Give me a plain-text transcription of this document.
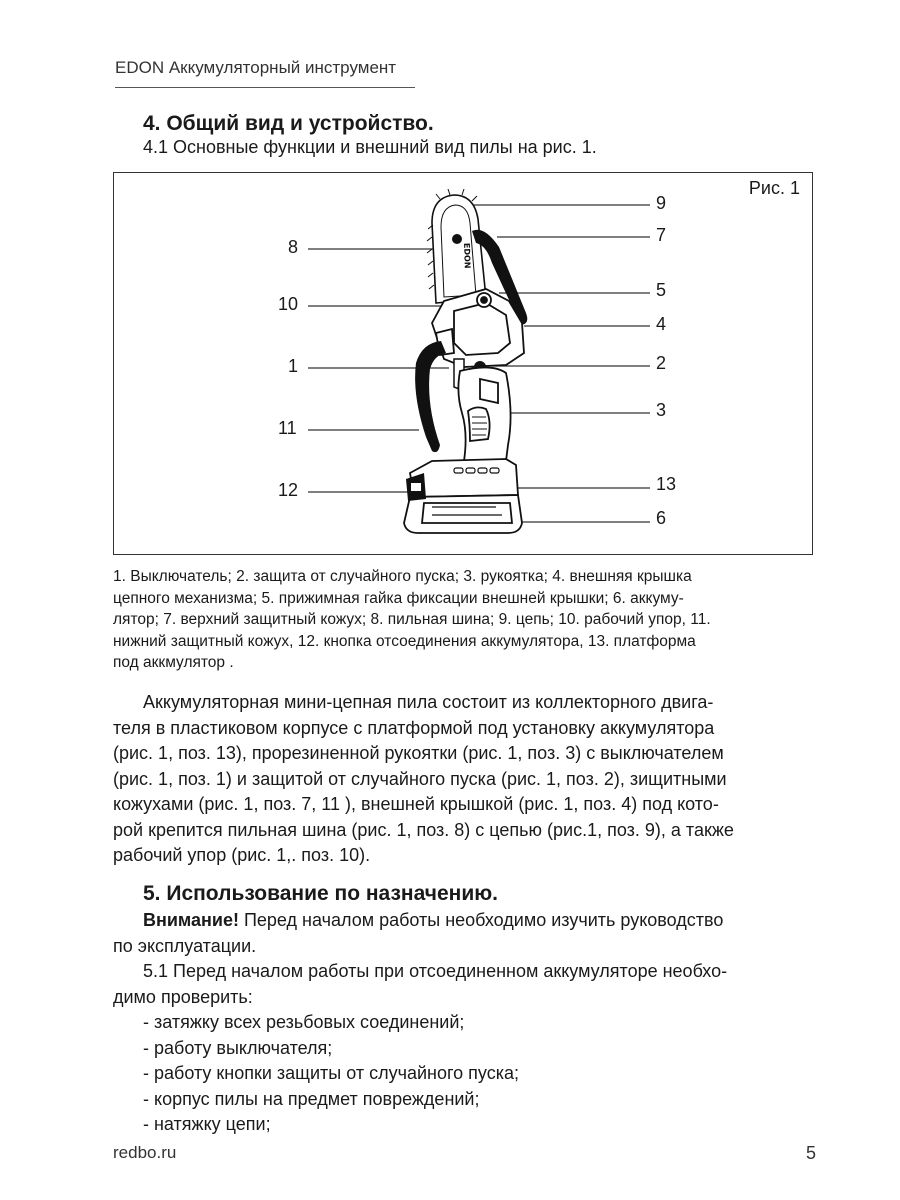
EDON Аккумуляторный инструмент
4. Общий вид и устройство.
4.1 Основные функции и внешний вид пилы на рис. 1.
Рис. 1
8
10
1
11
12
9
7
5
4
2
3
13
6
EDON

1. Выключатель; 2. защита от случайного пуска; 3. рукоятка; 4. внешняя крышка

цепного механизма; 5. прижимная гайка фиксации внешней крышки; 6. аккуму-

лятор; 7. верхний защитный кожух; 8. пильная шина; 9. цепь; 10. рабочий упор, 11.

нижний защитный кожух, 12. кнопка отсоединения аккумулятора, 13. платформа

под аккмулятор .

Аккумуляторная мини-цепная пила состоит из коллекторного двига-

теля в пластиковом корпусе с платформой под установку аккумулятора

(рис. 1, поз. 13), прорезиненной рукоятки (рис. 1, поз. 3) с выключателем

(рис. 1, поз. 1) и защитой от случайного пуска (рис. 1, поз. 2), зищитными

кожухами (рис. 1, поз. 7, 11 ), внешней крышкой (рис. 1, поз. 4) под кото-

рой крепится пильная шина (рис. 1, поз. 8) с цепью (рис.1, поз. 9), а также

рабочий упор (рис. 1,. поз. 10).

5. Использование по назначению.

Внимание! Перед началом работы необходимо изучить руководство

по эксплуатации.

5.1 Перед началом работы при отсоединенном аккумуляторе необхо-

димо проверить:

- затяжку всех резьбовых соединений;

- работу выключателя;

- работу кнопки защиты от случайного пуска;

- корпус пилы на предмет повреждений;

- натяжку цепи;

redbo.ru	5
